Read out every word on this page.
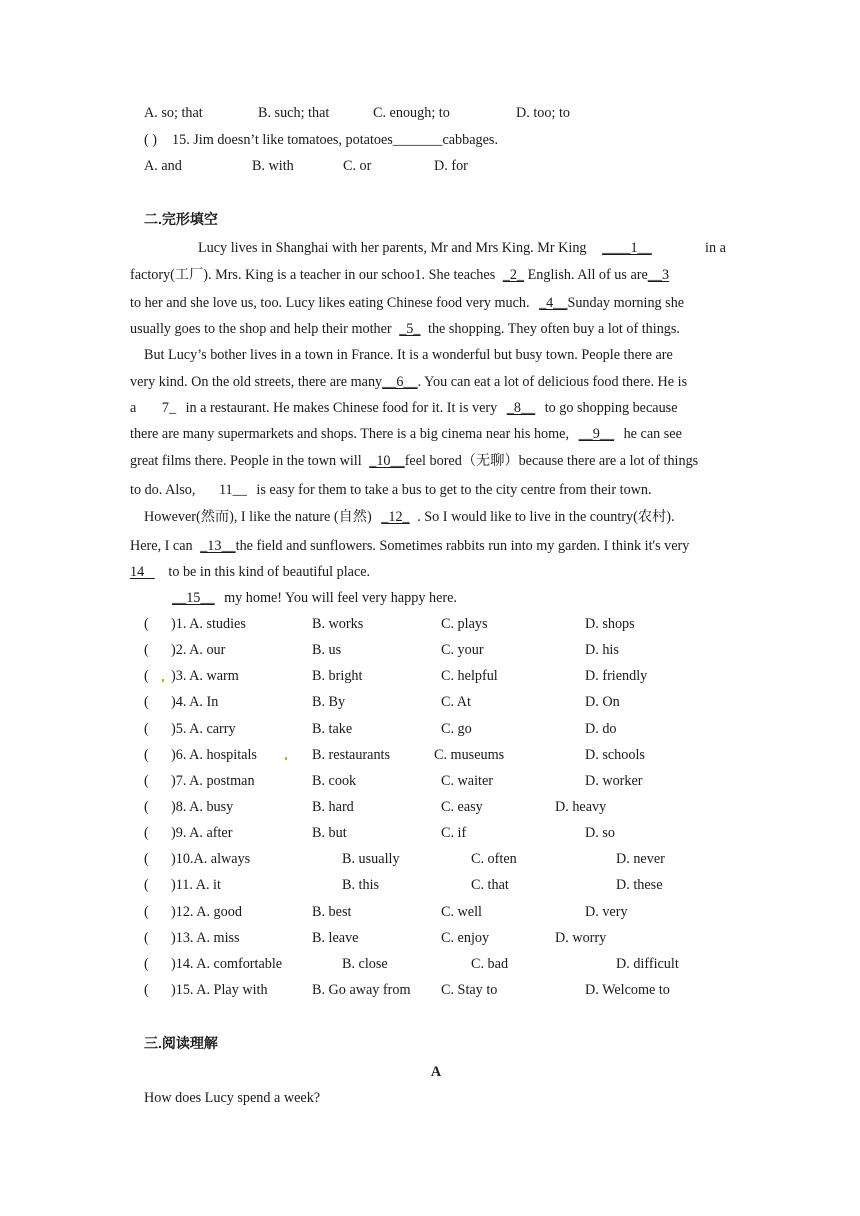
A. so; that	B. such; that	C. enough; to	D. too; to
( ) 15. Jim doesn’t like tomatoes, potatoes_______cabbages.
A. and	B. with	C. or	D. for
二.完形填空
Lucy lives in Shanghai with her parents, Mr and Mrs King. Mr King ____1__	in a
factory(工厂). Mrs. King is a teacher in our schoo1. She teaches _2_ English. All of us are__3
to her and she love us, too. Lucy likes eating Chinese food very much. _4__Sunday morning she
usually goes to the shop and help their mother _5_ the shopping. They often buy a lot of things.
But Lucy’s bother lives in a town in France. It is a wonderful but busy town. People there are
very kind. On the old streets, there are many__6__. You can eat a lot of delicious food there. He is
a 7_ in a restaurant. He makes Chinese food for it. It is very _8__ to go shopping because
there are many supermarkets and shops. There is a big cinema near his home, __9__ he can see
great films there. People in the town will _10__feel bored（无聊）because there are a lot of things
to do. Also, 11__ is easy for them to take a bus to get to the city centre from their town.
However(然而), I like the nature (自然) _12_ . So I would like to live in the country(农村).
Here, I can _13__the field and sunflowers. Sometimes rabbits run into my garden. I think it's very
14 to be in this kind of beautiful place.
__15__ my home! You will feel very happy here.
( )1. A. studies	B. works	C. plays	D. shops
( )2. A. our	B. us	C. your	D. his
( )3. A. warm	B. bright	C. helpful	D. friendly
( )4. A. In	B. By	C. At	D. On
( )5. A. carry	B. take	C. go	D. do
( )6. A. hospitals	B. restaurants	C. museums	D. schools
( )7. A. postman	B. cook	C. waiter	D. worker
( )8. A. busy	B. hard	C. easy	D. heavy
( )9. A. after	B. but	C. if	D. so
( )10.A. always	B. usually	C. often	D. never
( )11. A. it	B. this	C. that	D. these
( )12. A. good	B. best	C. well	D. very
( )13. A. miss	B. leave	C. enjoy	D. worry
( )14. A. comfortable	B. close	C. bad	D. difficult
( )15. A. Play with	B. Go away from C. Stay to	D. Welcome to
三.阅读理解
A
How does Lucy spend a week?
